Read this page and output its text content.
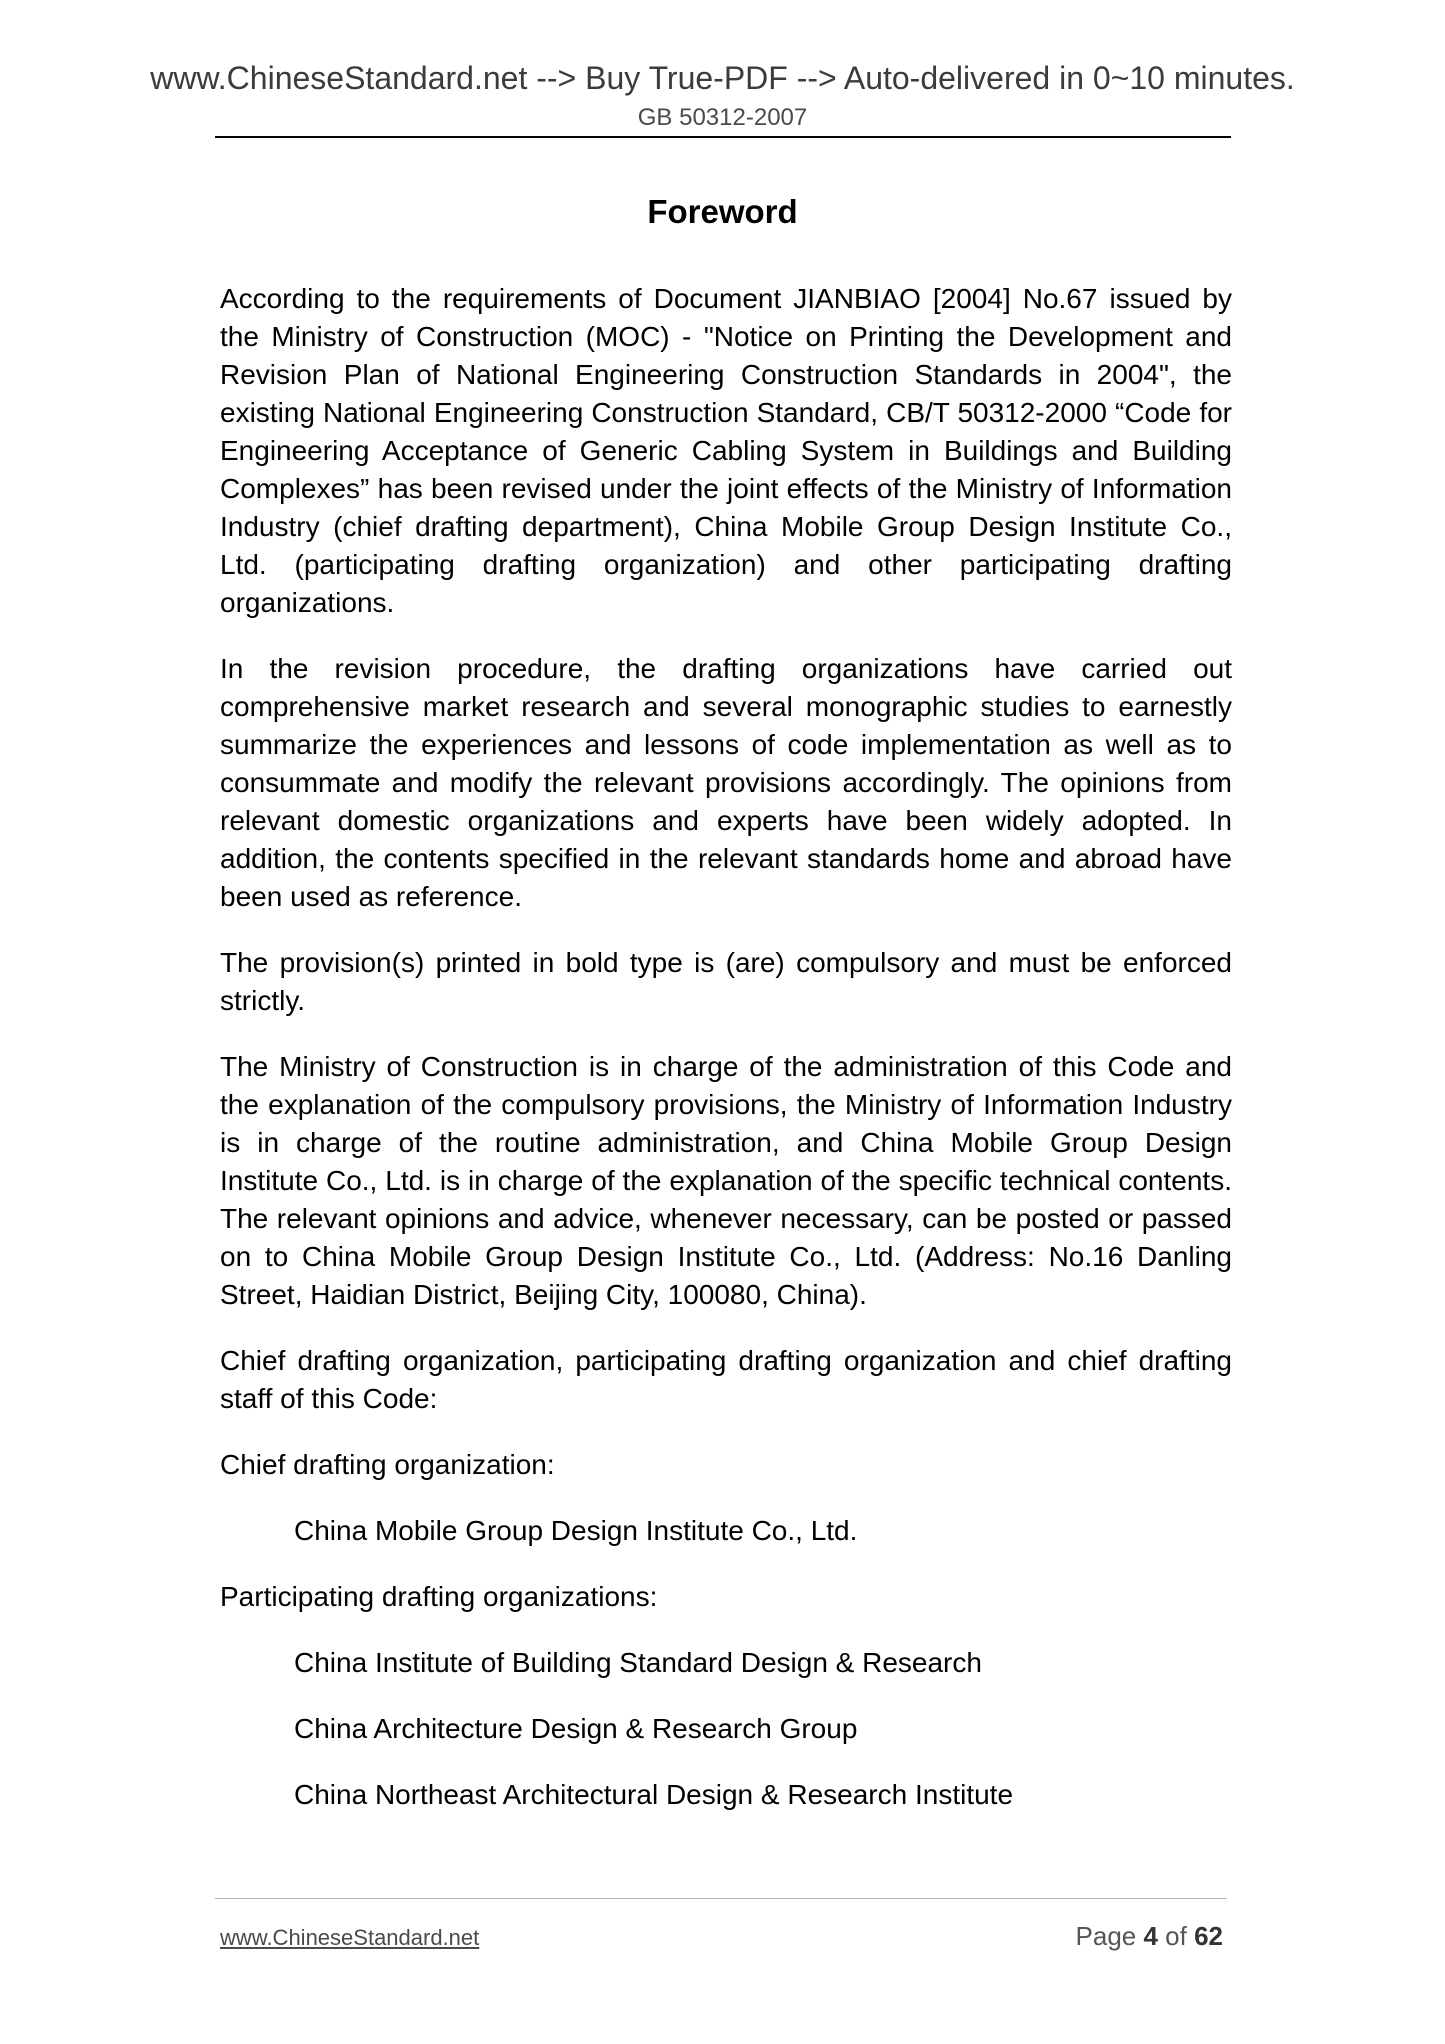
www.ChineseStandard.net --> Buy True-PDF --> Auto-delivered in 0~10 minutes.
GB 50312-2007
Foreword

According to the requirements of Document JIANBIAO [2004] No.67 issued by the Ministry of Construction (MOC) - "Notice on Printing the Development and Revision Plan of National Engineering Construction Standards in 2004", the existing National Engineering Construction Standard, CB/T 50312-2000 “Code for Engineering Acceptance of Generic Cabling System in Buildings and Building Complexes” has been revised under the joint effects of the Ministry of Information Industry (chief drafting department), China Mobile Group Design Institute Co., Ltd. (participating drafting organization) and other participating drafting organizations.

In the revision procedure, the drafting organizations have carried out comprehensive market research and several monographic studies to earnestly summarize the experiences and lessons of code implementation as well as to consummate and modify the relevant provisions accordingly. The opinions from relevant domestic organizations and experts have been widely adopted. In addition, the contents specified in the relevant standards home and abroad have been used as reference.

The provision(s) printed in bold type is (are) compulsory and must be enforced strictly.

The Ministry of Construction is in charge of the administration of this Code and the explanation of the compulsory provisions, the Ministry of Information Industry is in charge of the routine administration, and China Mobile Group Design Institute Co., Ltd. is in charge of the explanation of the specific technical contents. The relevant opinions and advice, whenever necessary, can be posted or passed on to China Mobile Group Design Institute Co., Ltd. (Address: No.16 Danling Street, Haidian District, Beijing City, 100080, China).

Chief drafting organization, participating drafting organization and chief drafting staff of this Code:

Chief drafting organization:

China Mobile Group Design Institute Co., Ltd.

Participating drafting organizations:

China Institute of Building Standard Design & Research

China Architecture Design & Research Group

China Northeast Architectural Design & Research Institute

www.ChineseStandard.net	Page 4 of 62
